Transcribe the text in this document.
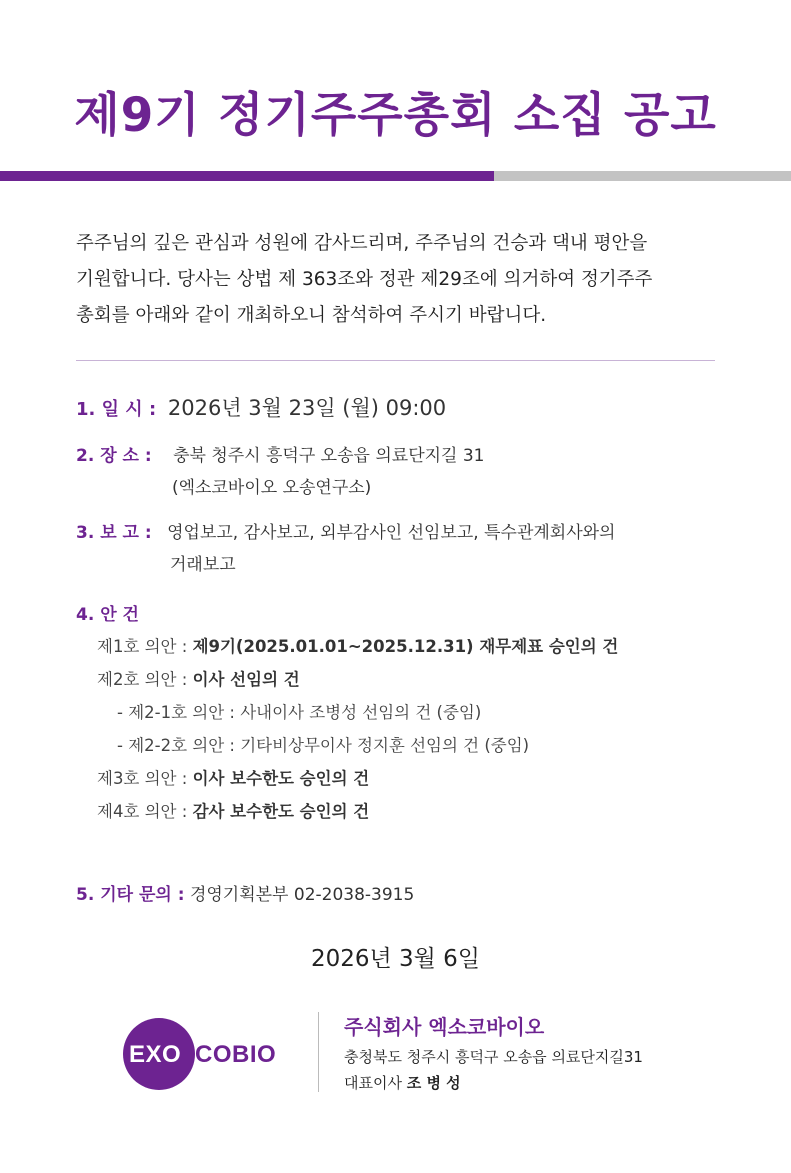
제9기 정기주주총회 소집 공고
주주님의 깊은 관심과 성원에 감사드리며, 주주님의 건승과 댁내 평안을
기원합니다. 당사는 상법 제 363조와 정관 제29조에 의거하여 정기주주
총회를 아래와 같이 개최하오니 참석하여 주시기 바랍니다.
1. 일 시 : 2026년 3월 23일 (월) 09:00
2. 장 소 : 충북 청주시 흥덕구 오송읍 의료단지길 31
(엑소코바이오 오송연구소)
3. 보 고 : 영업보고, 감사보고, 외부감사인 선임보고, 특수관계회사와의
거래보고
4. 안 건
제1호 의안 : 제9기(2025.01.01~2025.12.31) 재무제표 승인의 건
제2호 의안 : 이사 선임의 건
- 제2-1호 의안 : 사내이사 조병성 선임의 건 (중임)
- 제2-2호 의안 : 기타비상무이사 정지훈 선임의 건 (중임)
제3호 의안 : 이사 보수한도 승인의 건
제4호 의안 : 감사 보수한도 승인의 건
5. 기타 문의 : 경영기획본부 02-2038-3915
2026년 3월 6일
EXO COBIO
주식회사 엑소코바이오
충청북도 청주시 흥덕구 오송읍 의료단지길31
대표이사 조 병 성
